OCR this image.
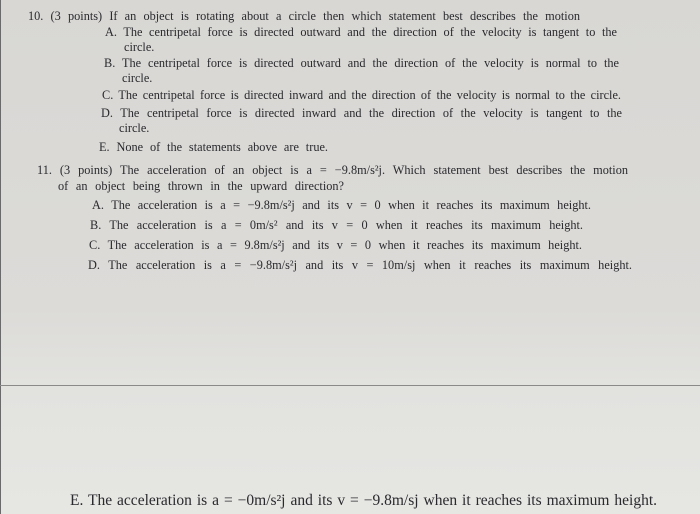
10. (3 points) If an object is rotating about a circle then which statement best describes the motion
A. The centripetal force is directed outward and the direction of the velocity is tangent to the
circle.
B. The centripetal force is directed outward and the direction of the velocity is normal to the
circle.
C. The centripetal force is directed inward and the direction of the velocity is normal to the circle.
D. The centripetal force is directed inward and the direction of the velocity is tangent to the
circle.
E. None of the statements above are true.
11. (3 points) The acceleration of an object is a = −9.8m/s²j. Which statement best describes the motion
of an object being thrown in the upward direction?
A. The acceleration is a = −9.8m/s²j and its v = 0 when it reaches its maximum height.
B. The acceleration is a = 0m/s² and its v = 0 when it reaches its maximum height.
C. The acceleration is a = 9.8m/s²j and its v = 0 when it reaches its maximum height.
D. The acceleration is a = −9.8m/s²j and its v = 10m/sj when it reaches its maximum height.
E. The acceleration is a = −0m/s²j and its v = −9.8m/sj when it reaches its maximum height.
